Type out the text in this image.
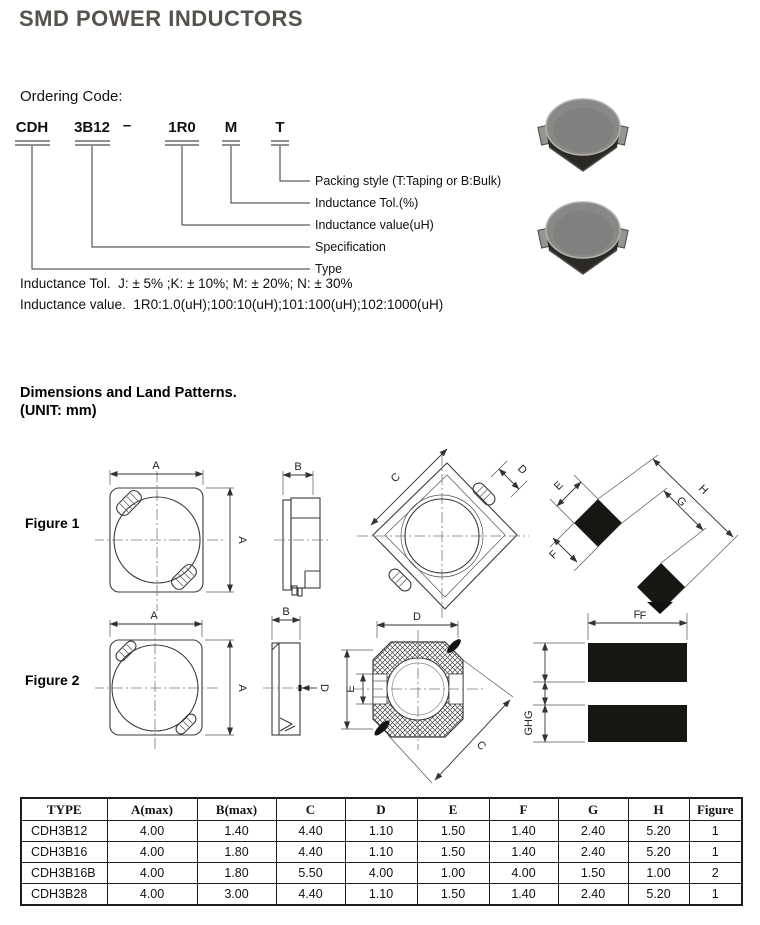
SMD POWER INDUCTORS
Ordering Code:
CDH 3B12 – 1R0 M	T
Packing style (T:Taping or B:Bulk)
Inductance Tol.(%)
Inductance value(uH)
Specification
Type
Inductance Tol.  J: ± 5% ;K: ± 10%; M: ± 20%; N: ± 30%
Inductance value.  1R0:1.0(uH);100:10(uH);101:100(uH);102:1000(uH)
Dimensions and Land Patterns.
(UNIT: mm)
Figure 1
Figure 2
A
A
B
C
D
E
F
G
H
F
A
A	D
B	D
E
C
F
GHG
TYPE	A(max)	B(max)	C	D	E	F	G	H	Figure
CDH3B12	4.00	1.40	4.40	1.10	1.50	1.40	2.40	5.20	1
CDH3B16	4.00	1.80	4.40	1.10	1.50	1.40	2.40	5.20	1
CDH3B16B	4.00	1.80	5.50	4.00	1.00	4.00	1.50	1.00	2
CDH3B28	4.00	3.00	4.40	1.10	1.50	1.40	2.40	5.20	1
